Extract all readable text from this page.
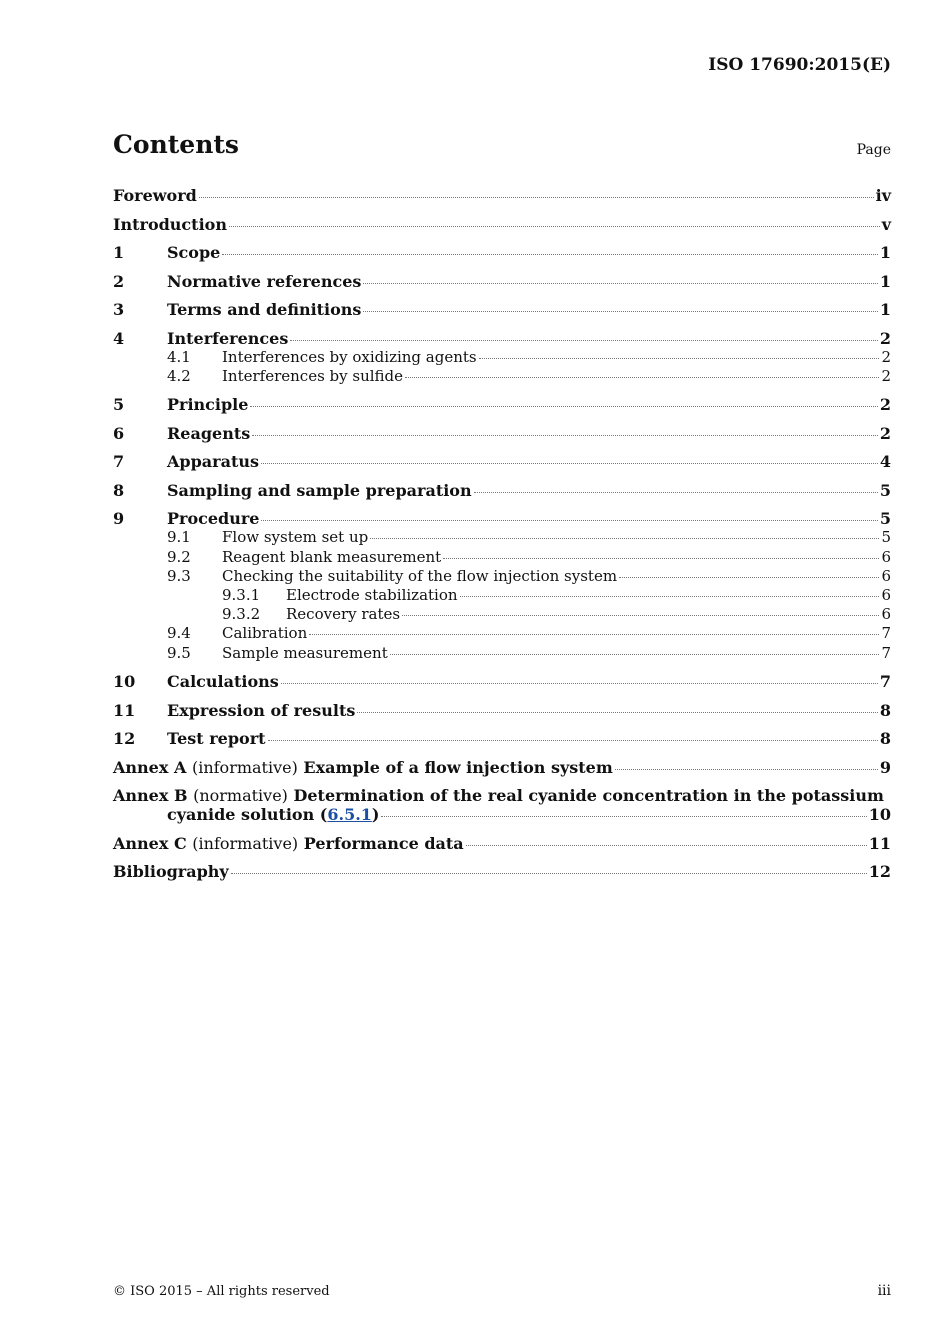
ISO 17690:2015(E)
Contents	Page
Foreword	iv
Introduction	v
1	Scope	1
2	Normative references	1
3	Terms and definitions	1
4	Interferences	2
4.1	Interferences by oxidizing agents	2
4.2	Interferences by sulfide	2
5	Principle	2
6	Reagents	2
7	Apparatus	4
8	Sampling and sample preparation	5
9	Procedure	5
9.1	Flow system set up	5
9.2	Reagent blank measurement	6
9.3	Checking the suitability of the flow injection system	6
9.3.1	Electrode stabilization	6
9.3.2	Recovery rates	6
9.4	Calibration	7
9.5	Sample measurement	7
10	Calculations	7
11	Expression of results	8
12	Test report	8
Annex A (informative) Example of a flow injection system	9
Annex B (normative) Determination of the real cyanide concentration in the potassium
cyanide solution (6.5.1)	10
Annex C (informative) Performance data	11
Bibliography	12
© ISO 2015 – All rights reserved	iii
